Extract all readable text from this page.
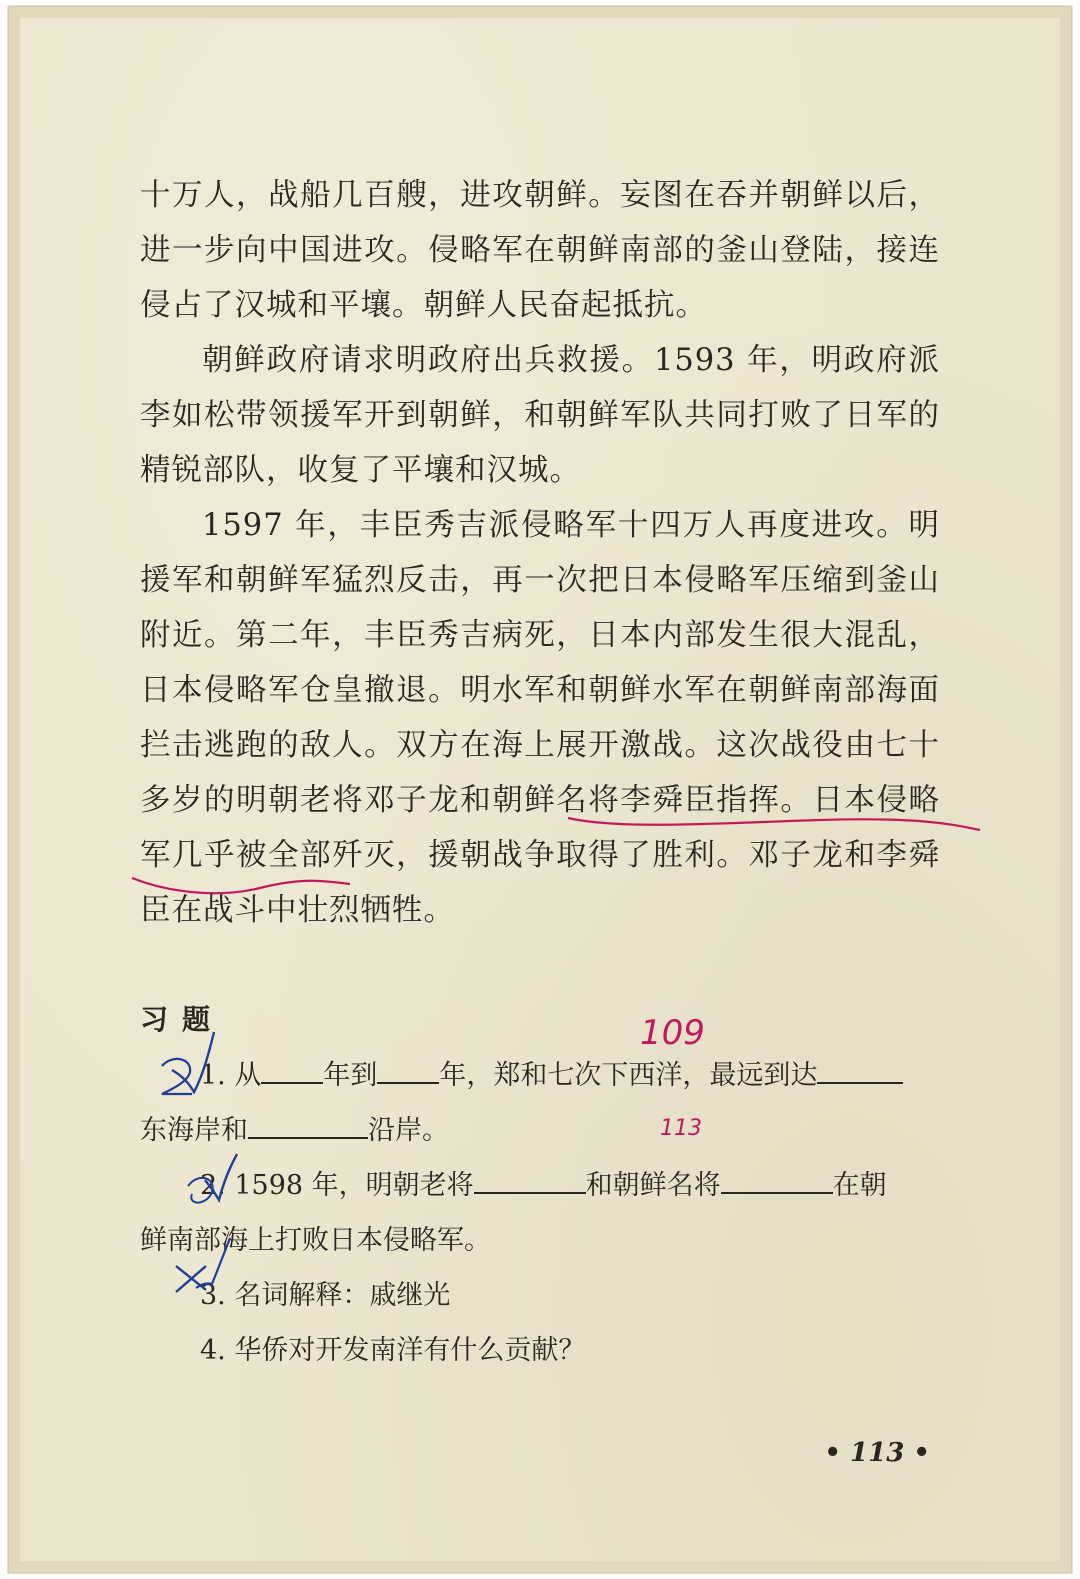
十万人，战船几百艘，进攻朝鲜。妄图在吞并朝鲜以后，进一步向中国进攻。侵略军在朝鲜南部的釜山登陆，接连侵占了汉城和平壤。朝鲜人民奋起抵抗。

朝鲜政府请求明政府出兵救援。1593 年，明政府派李如松带领援军开到朝鲜，和朝鲜军队共同打败了日军的精锐部队，收复了平壤和汉城。

1597 年，丰臣秀吉派侵略军十四万人再度进攻。明援军和朝鲜军猛烈反击，再一次把日本侵略军压缩到釜山附近。第二年，丰臣秀吉病死，日本内部发生很大混乱，日本侵略军仓皇撤退。明水军和朝鲜水军在朝鲜南部海面拦击逃跑的敌人。双方在海上展开激战。这次战役由七十多岁的明朝老将邓子龙和朝鲜名将李舜臣指挥。日本侵略军几乎被全部歼灭，援朝战争取得了胜利。邓子龙和李舜臣在战斗中壮烈牺牲。

习题

1. 从 年到 年，郑和七次下西洋，最远到达

东海岸和	沿岸。

2. 1598 年，明朝老将	和朝鲜名将	在朝

鲜南部海上打败日本侵略军。

3. 名词解释：戚继光

4. 华侨对开发南洋有什么贡献？

109
113
• 113 •
